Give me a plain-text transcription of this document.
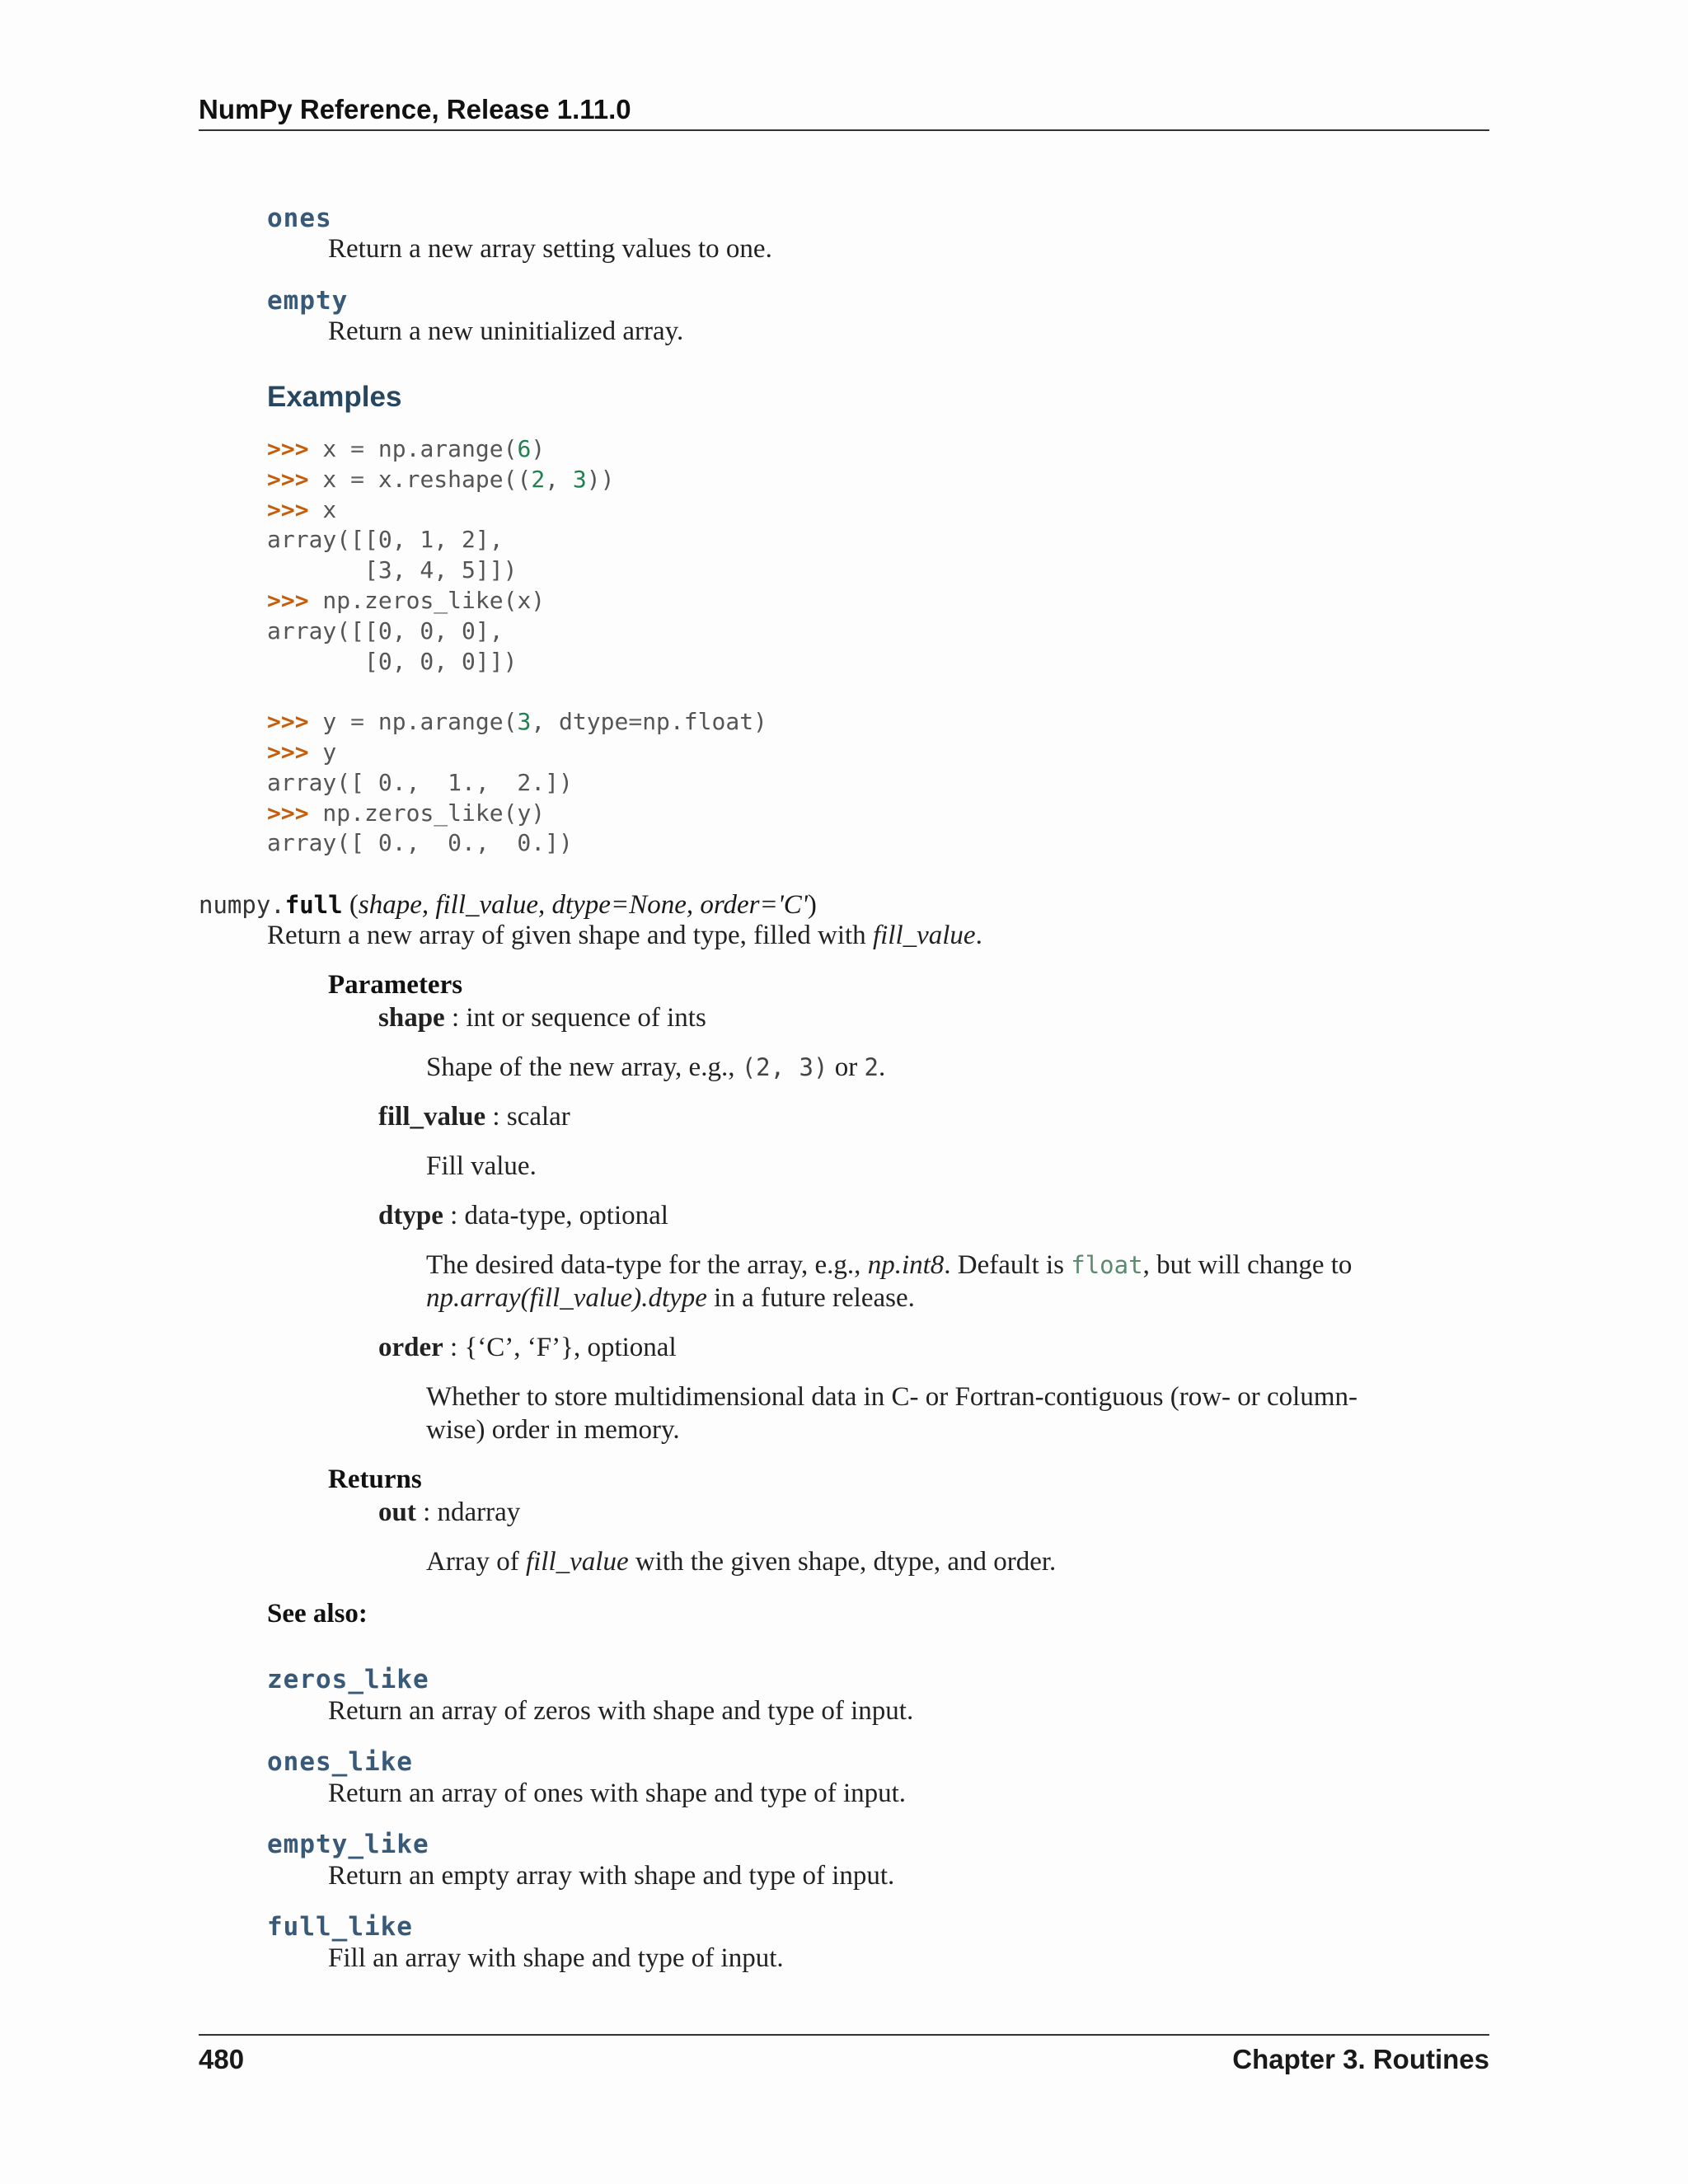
NumPy Reference, Release 1.11.0
ones
Return a new array setting values to one.
empty
Return a new uninitialized array.
Examples
>>> x = np.arange(6)
>>> x = x.reshape((2, 3))
>>> x
array([[0, 1, 2],
[3, 4, 5]])
>>> np.zeros_like(x)
array([[0, 0, 0],
[0, 0, 0]])

>>> y = np.arange(3, dtype=np.float)
>>> y
array([ 0.,  1.,  2.])
>>> np.zeros_like(y)
array([ 0.,  0.,  0.])
numpy.full (shape, fill_value, dtype=None, order='C')
Return a new array of given shape and type, filled with fill_value.
Parameters
shape : int or sequence of ints
Shape of the new array, e.g., (2, 3) or 2.
fill_value : scalar
Fill value.
dtype : data-type, optional
The desired data-type for the array, e.g., np.int8. Default is float, but will change to
np.array(fill_value).dtype in a future release.
order : {‘C’, ‘F’}, optional
Whether to store multidimensional data in C- or Fortran-contiguous (row- or column-
wise) order in memory.
Returns
out : ndarray
Array of fill_value with the given shape, dtype, and order.
See also:
zeros_like
Return an array of zeros with shape and type of input.
ones_like
Return an array of ones with shape and type of input.
empty_like
Return an empty array with shape and type of input.
full_like
Fill an array with shape and type of input.
480	Chapter 3. Routines
